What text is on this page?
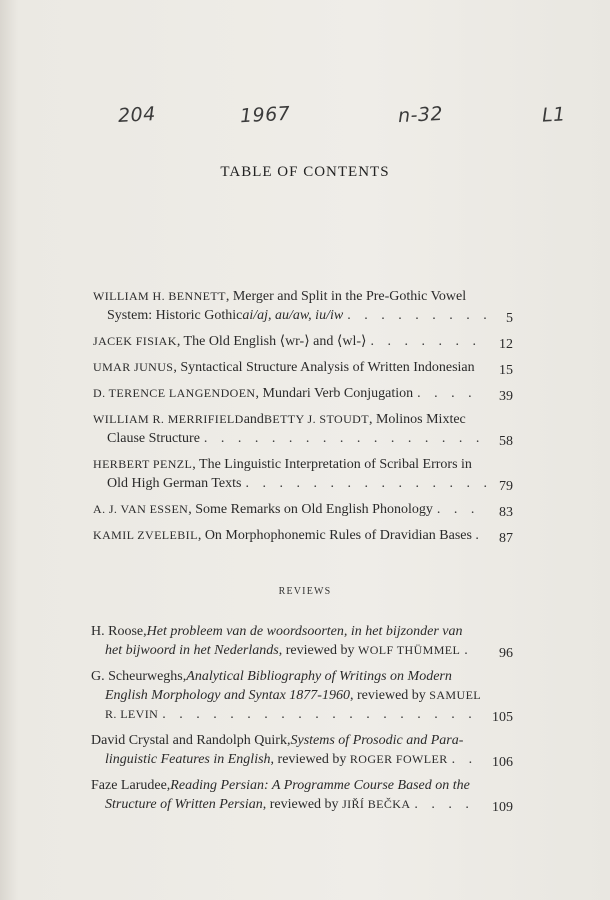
204	1967	n-32	L1
TABLE OF CONTENTS
WILLIAM H. BENNETT , Merger and Split in the Pre-Gothic Vowel
System: Historic Gothic ai/aj, au/aw, iu/iw . . .	5
JACEK FISIAK , The Old English ⟨wr-⟩ and ⟨wl-⟩ . . .	12
UMAR JUNUS , Syntactical Structure Analysis of Written Indonesian	15
D. TERENCE LANGENDOEN , Mundari Verb Conjugation . . .	39
WILLIAM R. MERRIFIELD and BETTY J. STOUDT , Molinos Mixtec
Clause Structure . . .	58
HERBERT PENZL , The Linguistic Interpretation of Scribal Errors in
Old High German Texts . . .	79
A. J. VAN ESSEN , Some Remarks on Old English Phonology . . .	83
KAMIL ZVELEBIL , On Morphophonemic Rules of Dravidian Bases .	87
REVIEWS
H. Roose, Het probleem van de woordsoorten, in het bijzonder van
het bijwoord in het Nederlands , reviewed by WOLF THÜMMEL . . .	96
G. Scheurweghs, Analytical Bibliography of Writings on Modern
English Morphology and Syntax 1877-1960 , reviewed by SAMUEL
R. LEVIN . . .	105
David Crystal and Randolph Quirk, Systems of Prosodic and Para-
linguistic Features in English , reviewed by ROGER FOWLER . . .	106
Faze Larudee, Reading Persian: A Programme Course Based on the
Structure of Written Persian , reviewed by JIŘÍ BEČKA . . .	109
